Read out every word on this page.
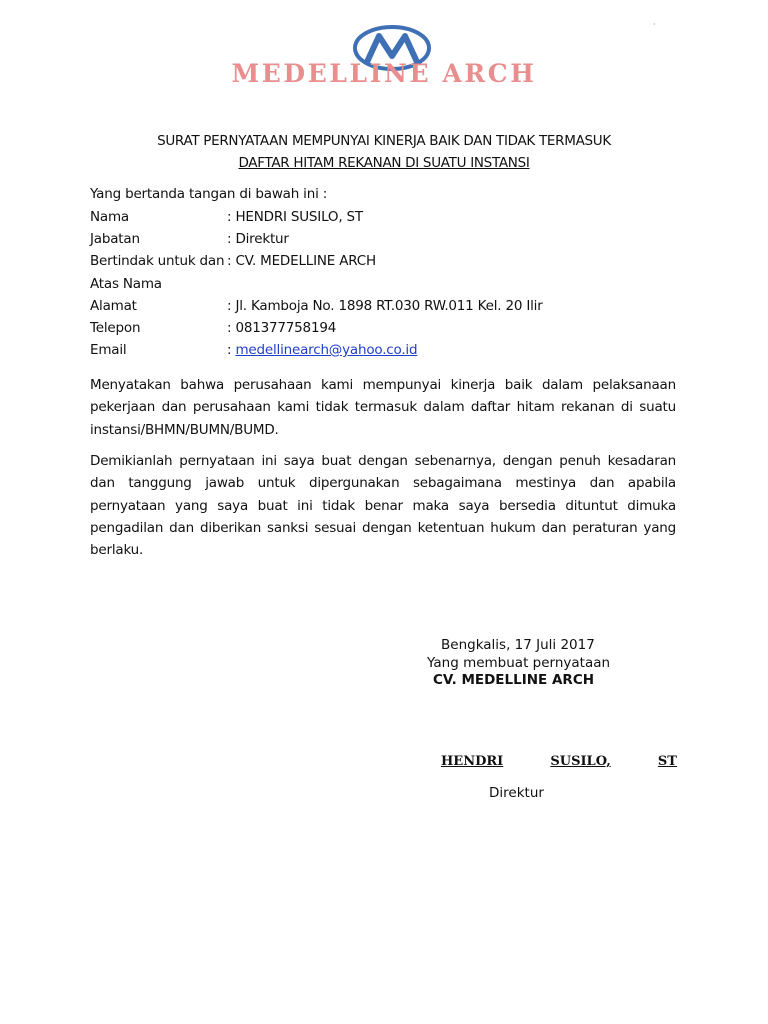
MEDELLINE ARCH
·
SURAT PERNYATAAN MEMPUNYAI KINERJA BAIK DAN TIDAK TERMASUK
DAFTAR HITAM REKANAN DI SUATU INSTANSI
Yang bertanda tangan di bawah ini :
Nama	: HENDRI SUSILO, ST
Jabatan	: Direktur
Bertindak untuk dan : CV. MEDELLINE ARCH
Atas Nama
Alamat	: Jl. Kamboja No. 1898 RT.030 RW.011 Kel. 20 Ilir
Telepon	: 081377758194
Email	: medellinearch@yahoo.co.id
Menyatakan bahwa perusahaan kami mempunyai kinerja baik dalam pelaksanaan pekerjaan dan perusahaan kami tidak termasuk dalam daftar hitam rekanan di suatu instansi/BHMN/BUMN/BUMD.
Demikianlah pernyataan ini saya buat dengan sebenarnya, dengan penuh kesadaran dan tanggung jawab untuk dipergunakan sebagaimana mestinya dan apabila pernyataan yang saya buat ini tidak benar maka saya bersedia dituntut dimuka pengadilan dan diberikan sanksi sesuai dengan ketentuan hukum dan peraturan yang berlaku.
Bengkalis, 17 Juli 2017
Yang membuat pernyataan
CV. MEDELLINE ARCH
HENDRI	SUSILO,	ST
Direktur
